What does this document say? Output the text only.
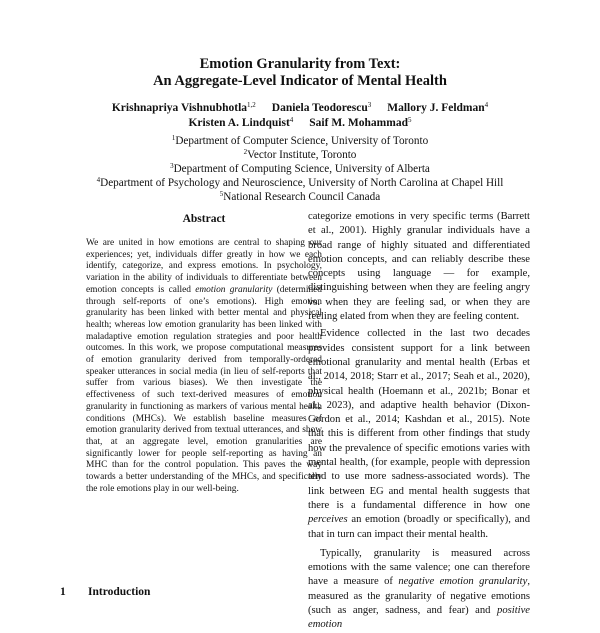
Emotion Granularity from Text:
An Aggregate-Level Indicator of Mental Health
Krishnapriya Vishnubhotla$^{1,2}$ Daniela Teodorescu$^3$ Mallory J. Feldman$^4$
Kristen A. Lindquist$^4$ Saif M. Mohammad$^5$
$^1$Department of Computer Science, University of Toronto
$^2$Vector Institute, Toronto
$^3$Department of Computing Science, University of Alberta
$^4$Department of Psychology and Neuroscience, University of North Carolina at Chapel Hill
$^5$National Research Council Canada
Abstract
We are united in how emotions are central to shaping our experiences; yet, individuals differ greatly in how we each identify, categorize, and express emotions. In psychology, variation in the ability of individuals to differentiate between emotion concepts is called emotion granularity (determined through self-reports of one’s emotions). High emotion granularity has been linked with better mental and physical health; whereas low emotion granularity has been linked with maladaptive emotion regulation strategies and poor health outcomes. In this work, we propose computational measures of emotion granularity derived from temporally-ordered speaker utterances in social media (in lieu of self-reports that suffer from various biases). We then investigate the effectiveness of such text-derived measures of emotion granularity in functioning as markers of various mental health conditions (MHCs). We establish baseline measures of emotion granularity derived from textual utterances, and show that, at an aggregate level, emotion granularities are significantly lower for people self-reporting as having an MHC than for the control population. This paves the way towards a better understanding of the MHCs, and specifically the role emotions play in our well-being.
1 Introduction

categorize emotions in very specific terms (Barrett et al., 2001). Highly granular individuals have a broad range of highly situated and differentiated emotion concepts, and can reliably describe these concepts using language — for example, distinguishing between when they are feeling angry vs. when they are feeling sad, or when they are feeling elated from when they are feeling content.

Evidence collected in the last two decades provides consistent support for a link between emotional granularity and mental health (Erbas et al., 2014, 2018; Starr et al., 2017; Seah et al., 2020), physical health (Hoemann et al., 2021b; Bonar et al., 2023), and adaptive health behavior (Dixon-Gordon et al., 2014; Kashdan et al., 2015). Note that this is different from other findings that study how the prevalence of specific emotions varies with mental health, (for example, people with depression tend to use more sadness-associated words). The link between EG and mental health suggests that there is a fundamental difference in how one perceives an emotion (broadly or specifically), and that in turn can impact their mental health.

Typically, granularity is measured across emotions with the same valence; one can therefore have a measure of negative emotion granularity, measured as the granularity of negative emotions (such as anger, sadness, and fear) and positive emotion
